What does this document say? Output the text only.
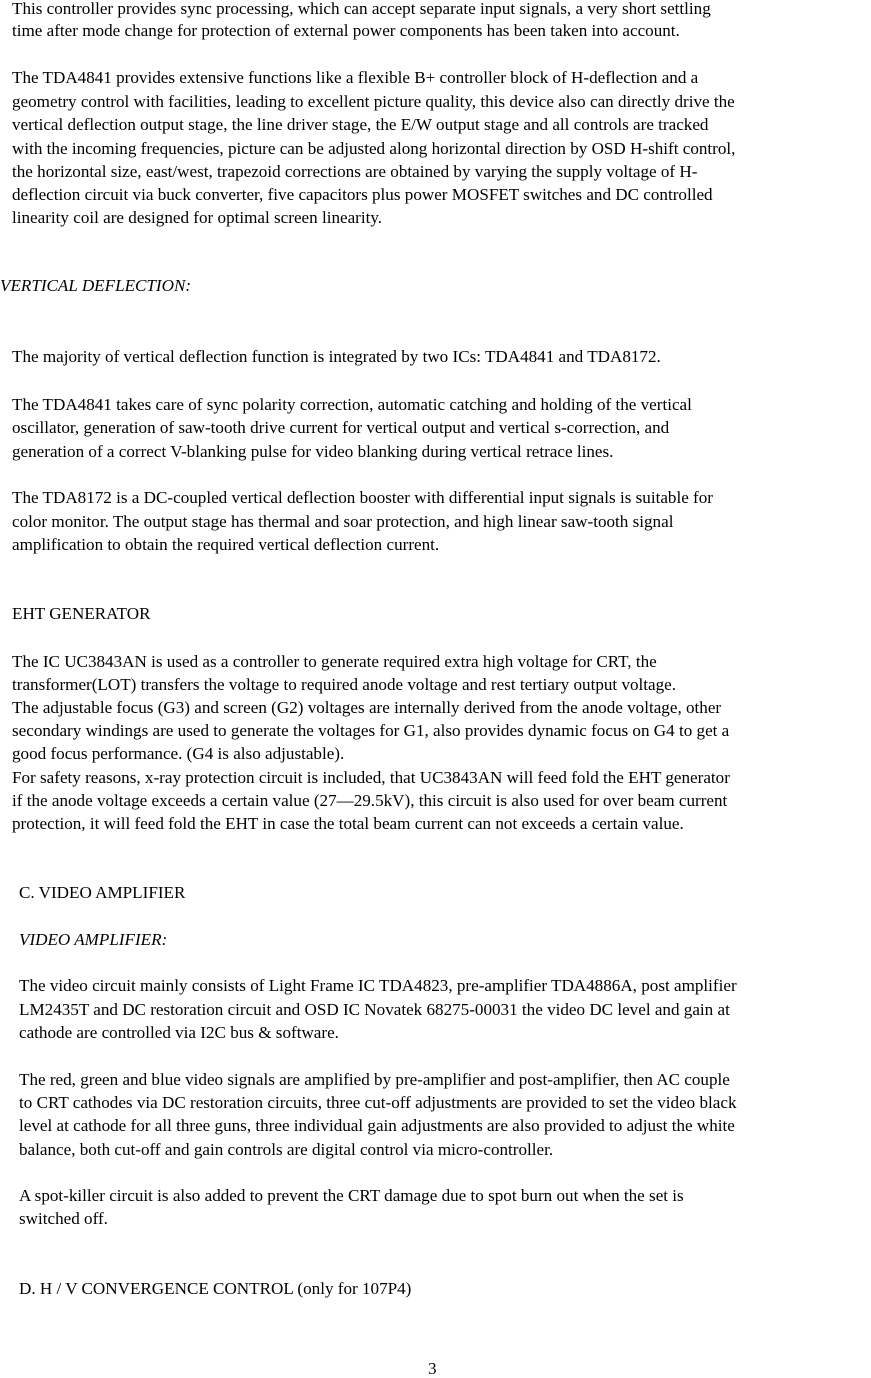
This controller provides sync processing, which can accept separate input signals, a very short settling
time after mode change for protection of external power components has been taken into account.
The TDA4841 provides extensive functions like a flexible B+ controller block of H-deflection and a
geometry control with facilities, leading to excellent picture quality, this device also can directly drive the
vertical deflection output stage, the line driver stage, the E/W output stage and all controls are tracked
with the incoming frequencies, picture can be adjusted along horizontal direction by OSD H-shift control,
the horizontal size, east/west, trapezoid corrections are obtained by varying the supply voltage of H-
deflection circuit via buck converter, five capacitors plus power MOSFET switches and DC controlled
linearity coil are designed for optimal screen linearity.
VERTICAL DEFLECTION:
The majority of vertical deflection function is integrated by two ICs: TDA4841 and TDA8172.
The TDA4841 takes care of sync polarity correction, automatic catching and holding of the vertical
oscillator, generation of saw-tooth drive current for vertical output and vertical s-correction, and
generation of a correct V-blanking pulse for video blanking during vertical retrace lines.
The TDA8172 is a DC-coupled vertical deflection booster with differential input signals is suitable for
color monitor. The output stage has thermal and soar protection, and high linear saw-tooth signal
amplification to obtain the required vertical deflection current.
EHT GENERATOR
The IC UC3843AN is used as a controller to generate required extra high voltage for CRT, the
transformer(LOT) transfers the voltage to required anode voltage and rest tertiary output voltage.
The adjustable focus (G3) and screen (G2) voltages are internally derived from the anode voltage, other
secondary windings are used to generate the voltages for G1, also provides dynamic focus on G4 to get a
good focus performance. (G4 is also adjustable).
For safety reasons, x-ray protection circuit is included, that UC3843AN will feed fold the EHT generator
if the anode voltage exceeds a certain value (27—29.5kV), this circuit is also used for over beam current
protection, it will feed fold the EHT in case the total beam current can not exceeds a certain value.
C. VIDEO AMPLIFIER
VIDEO AMPLIFIER:
The video circuit mainly consists of Light Frame IC TDA4823, pre-amplifier TDA4886A, post amplifier
LM2435T and DC restoration circuit and OSD IC Novatek 68275-00031 the video DC level and gain at
cathode are controlled via I2C bus & software.
The red, green and blue video signals are amplified by pre-amplifier and post-amplifier, then AC couple
to CRT cathodes via DC restoration circuits, three cut-off adjustments are provided to set the video black
level at cathode for all three guns, three individual gain adjustments are also provided to adjust the white
balance, both cut-off and gain controls are digital control via micro-controller.
A spot-killer circuit is also added to prevent the CRT damage due to spot burn out when the set is
switched off.
D. H / V CONVERGENCE CONTROL (only for 107P4)
3
